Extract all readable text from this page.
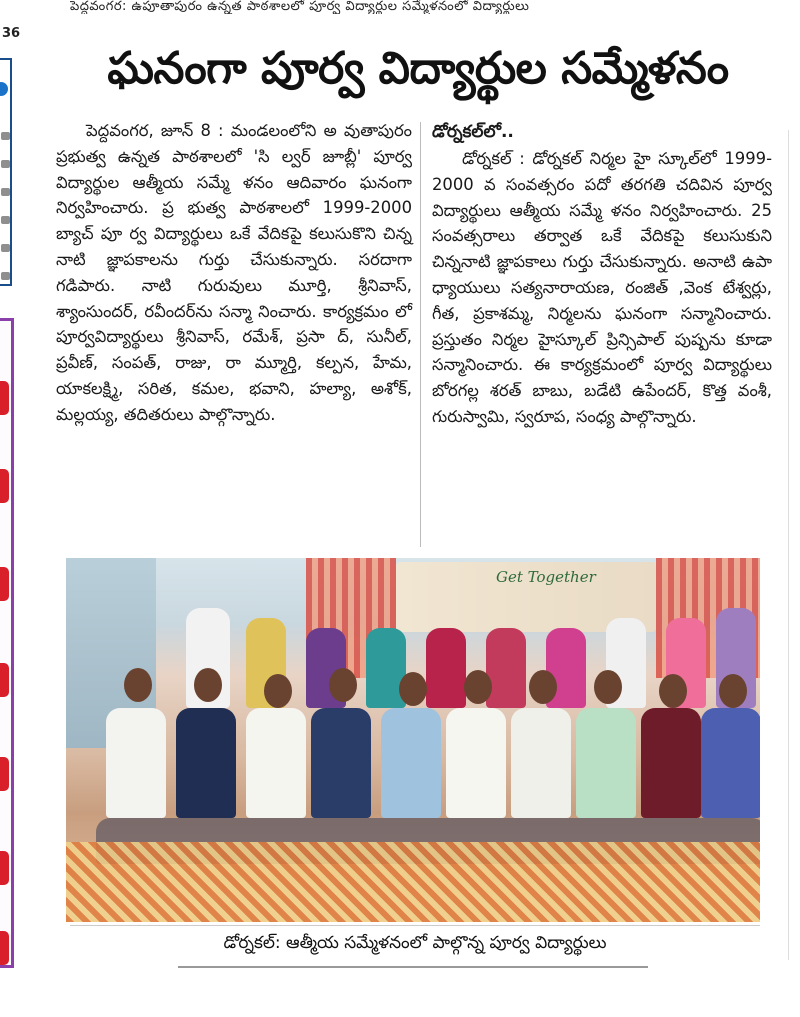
పెద్దవంగర: ఉపూతాపురం ఉన్నత పాఠశాలలో పూర్వ విద్యార్థుల సమ్మేళనంలో విద్యార్థులు
36
ఘనంగా పూర్వ విద్యార్థుల సమ్మేళనం
పెద్దవంగర, జూన్ 8 : మండలంలోని అ వుతాపురం ప్రభుత్వ ఉన్నత పాఠశాలలో 'సి ల్వర్ జూబ్లీ' పూర్వ విద్యార్థుల ఆత్మీయ సమ్మే ళనం ఆదివారం ఘనంగా నిర్వహించారు. ప్ర భుత్వ పాఠశాలలో 1999-2000 బ్యాచ్ పూ ర్వ విద్యార్థులు ఒకే వేదికపై కలుసుకొని చిన్న నాటి జ్ఞాపకాలను గుర్తు చేసుకున్నారు. సరదాగా గడిపారు. నాటి గురువులు మూర్తి, శ్రీనివాస్, శ్యాంసుందర్, రవీందర్‌ను సన్మా నించారు. కార్యక్రమం లో పూర్వవిద్యార్థులు శ్రీనివాస్, రమేశ్, ప్రసా ద్, సునీల్, ప్రవీణ్, సంపత్, రాజు, రా మ్మూర్తి, కల్పన, హేమ, యాకలక్ష్మి, సరిత, కమల, భవాని, హల్యా, అశోక్, మల్లయ్య, తదితరులు పాల్గొన్నారు.
డోర్నకల్‌లో..
డోర్నకల్ : డోర్నకల్ నిర్మల హై స్కూల్‌లో 1999-2000 వ సంవత్సరం పదో తరగతి చదివిన పూర్వ విద్యార్థులు ఆత్మీయ సమ్మే ళనం నిర్వహించారు. 25 సంవత్సరాలు తర్వాత ఒకే వేదికపై కలుసుకుని చిన్ననాటి జ్ఞాపకాలు గుర్తు చేసుకున్నారు. అనాటి ఉపా ధ్యాయులు సత్యనారాయణ, రంజిత్ ,వెంక టేశ్వర్లు, గీత, ప్రకాశమ్మ, నిర్మలను ఘనంగా సన్మానించారు. ప్రస్తుతం నిర్మల హైస్కూల్ ప్రిన్సిపాల్ పుష్పను కూడా సన్మానించారు. ఈ కార్యక్రమంలో పూర్వ విద్యార్థులు బోరగల్ల శరత్ బాబు, బడేటి ఉపేందర్, కొత్త వంశీ, గురుస్వామి, స్వరూప, సంధ్య పాల్గొన్నారు.
Get Together
డోర్నకల్: ఆత్మీయ సమ్మేళనంలో పాల్గొన్న పూర్వ విద్యార్థులు
